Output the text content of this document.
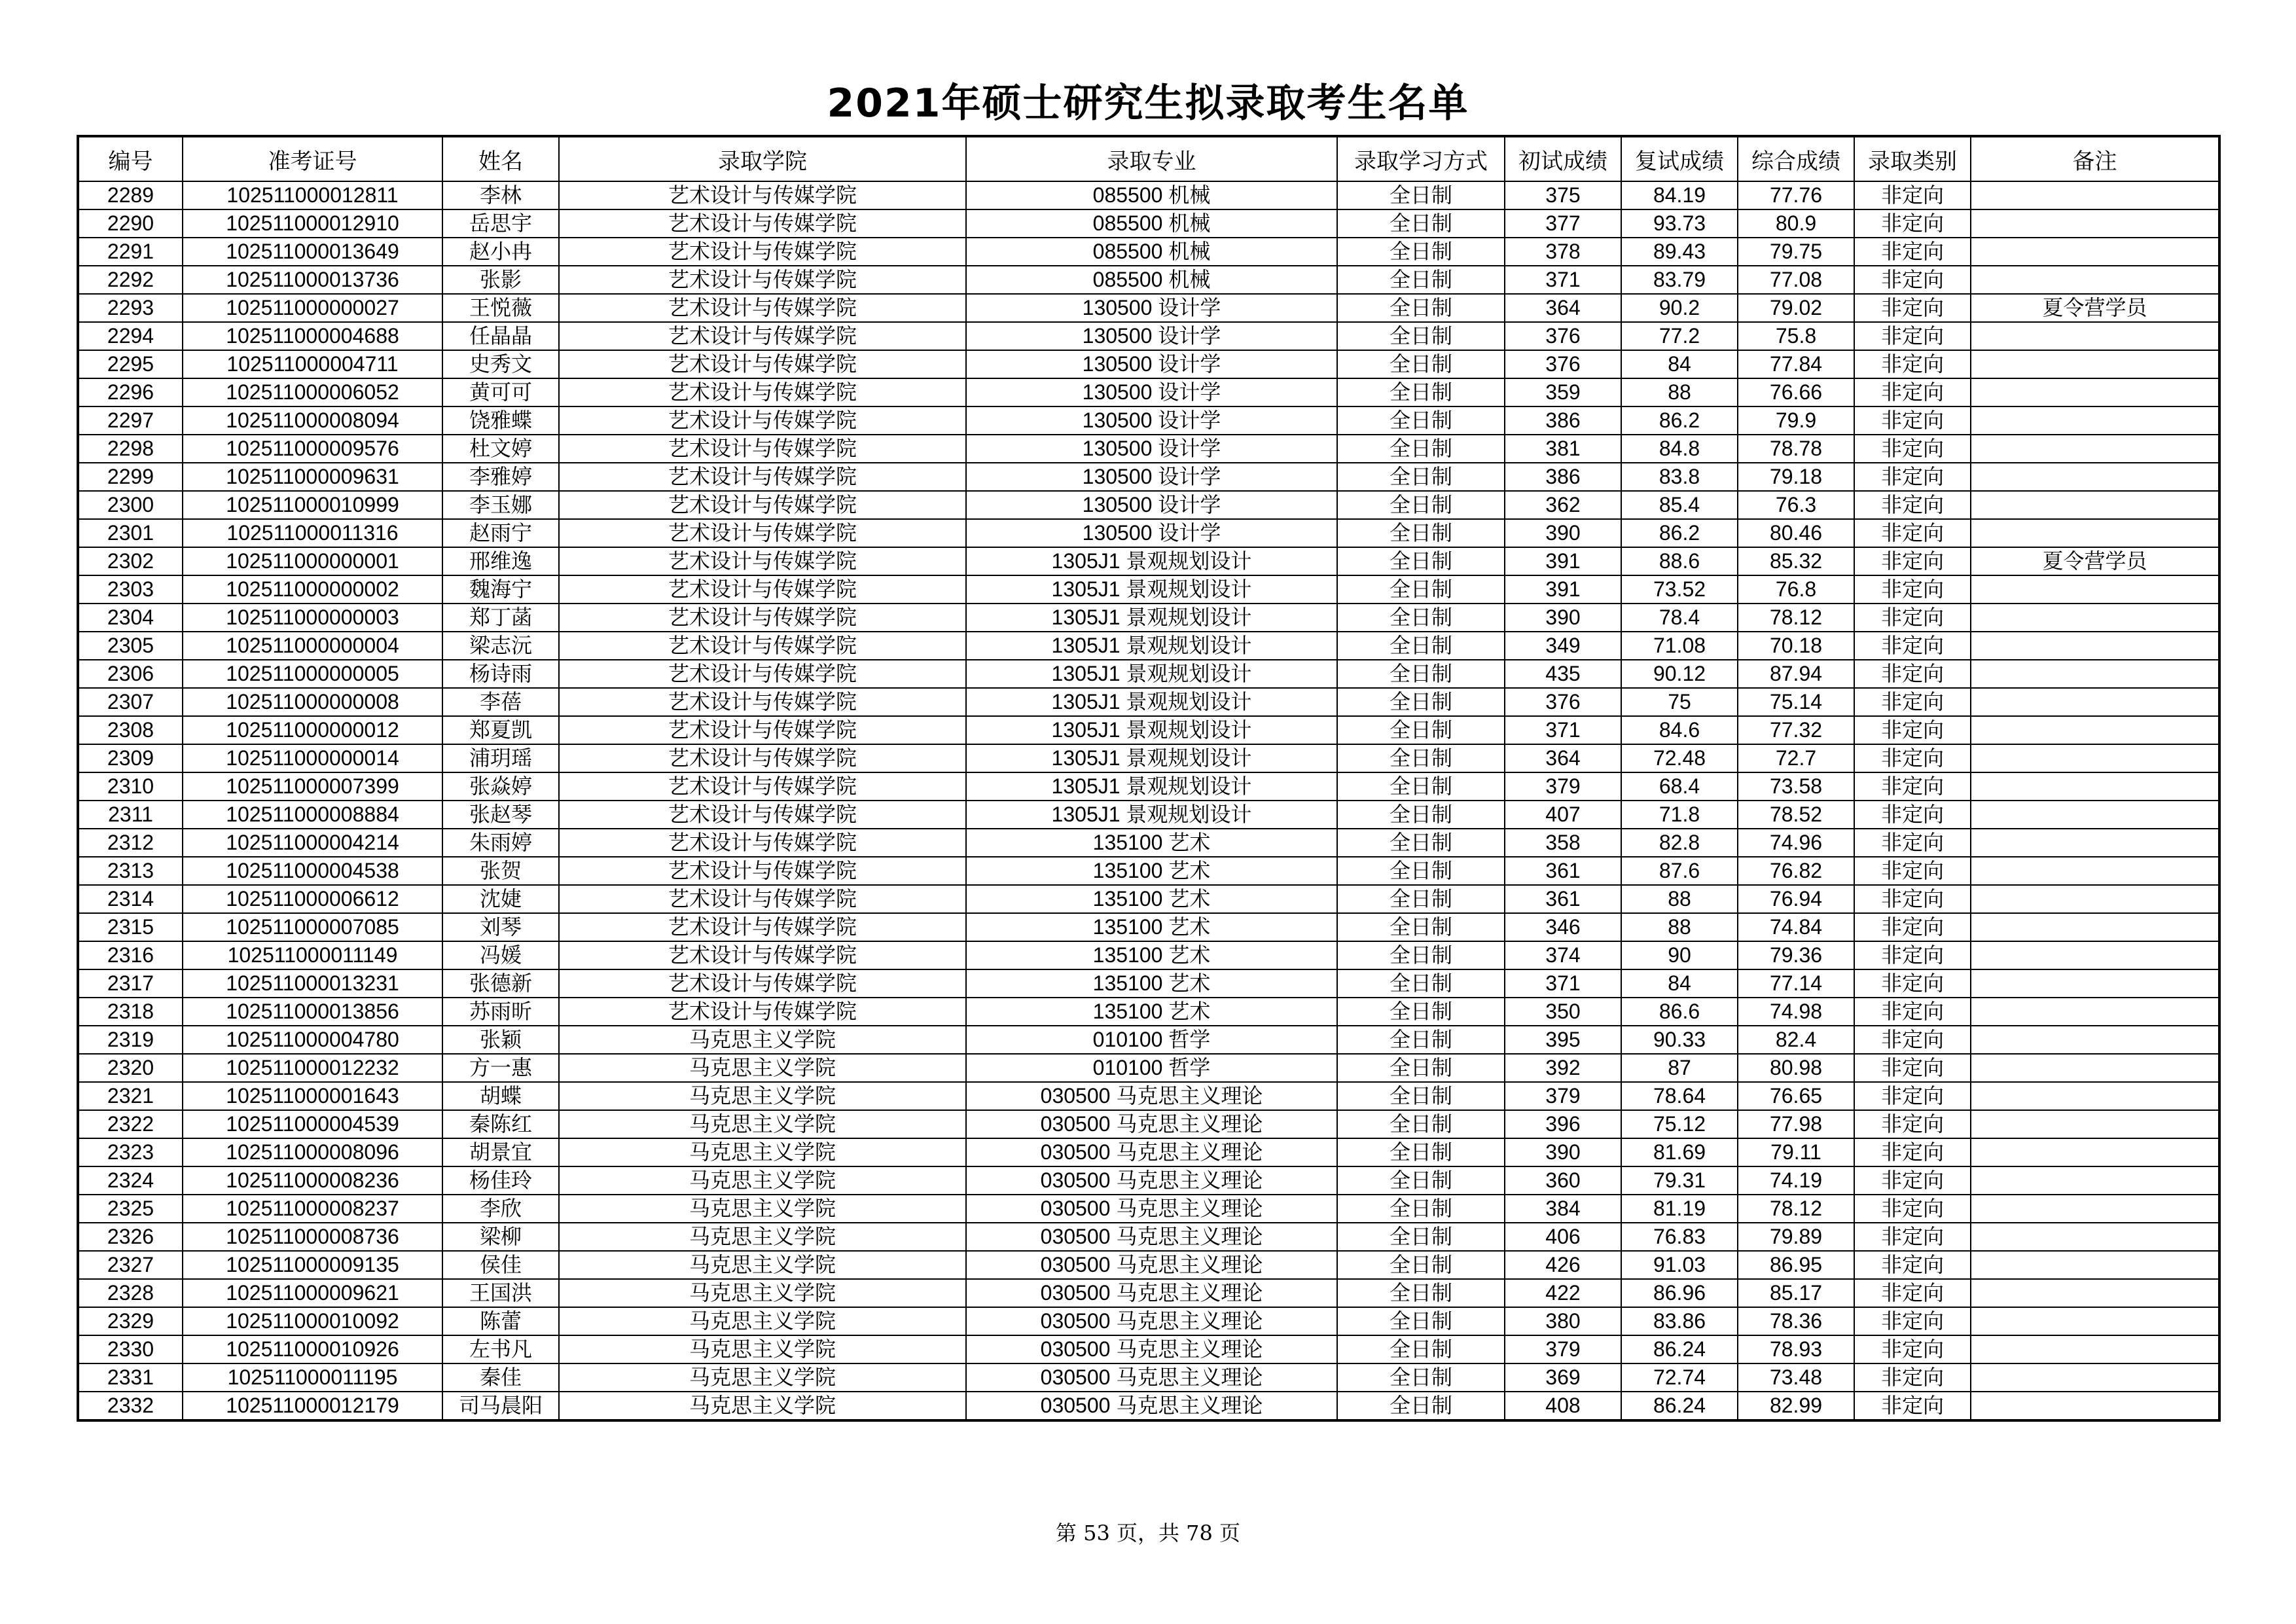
2021年硕士研究生拟录取考生名单
编号	准考证号	姓名	录取学院	录取专业	录取学习方式	初试成绩	复试成绩	综合成绩	录取类别	备注
2289	102511000012811	李林	艺术设计与传媒学院	085500 机械	全日制	375	84.19	77.76	非定向	
2290	102511000012910	岳思宇	艺术设计与传媒学院	085500 机械	全日制	377	93.73	80.9	非定向	
2291	102511000013649	赵小冉	艺术设计与传媒学院	085500 机械	全日制	378	89.43	79.75	非定向	
2292	102511000013736	张影	艺术设计与传媒学院	085500 机械	全日制	371	83.79	77.08	非定向	
2293	102511000000027	王悦薇	艺术设计与传媒学院	130500 设计学	全日制	364	90.2	79.02	非定向	夏令营学员
2294	102511000004688	任晶晶	艺术设计与传媒学院	130500 设计学	全日制	376	77.2	75.8	非定向	
2295	102511000004711	史秀文	艺术设计与传媒学院	130500 设计学	全日制	376	84	77.84	非定向	
2296	102511000006052	黄可可	艺术设计与传媒学院	130500 设计学	全日制	359	88	76.66	非定向	
2297	102511000008094	饶雅蝶	艺术设计与传媒学院	130500 设计学	全日制	386	86.2	79.9	非定向	
2298	102511000009576	杜文婷	艺术设计与传媒学院	130500 设计学	全日制	381	84.8	78.78	非定向	
2299	102511000009631	李雅婷	艺术设计与传媒学院	130500 设计学	全日制	386	83.8	79.18	非定向	
2300	102511000010999	李玉娜	艺术设计与传媒学院	130500 设计学	全日制	362	85.4	76.3	非定向	
2301	102511000011316	赵雨宁	艺术设计与传媒学院	130500 设计学	全日制	390	86.2	80.46	非定向	
2302	102511000000001	邢维逸	艺术设计与传媒学院	1305J1 景观规划设计	全日制	391	88.6	85.32	非定向	夏令营学员
2303	102511000000002	魏海宁	艺术设计与传媒学院	1305J1 景观规划设计	全日制	391	73.52	76.8	非定向	
2304	102511000000003	郑丁菡	艺术设计与传媒学院	1305J1 景观规划设计	全日制	390	78.4	78.12	非定向	
2305	102511000000004	梁志沅	艺术设计与传媒学院	1305J1 景观规划设计	全日制	349	71.08	70.18	非定向	
2306	102511000000005	杨诗雨	艺术设计与传媒学院	1305J1 景观规划设计	全日制	435	90.12	87.94	非定向	
2307	102511000000008	李蓓	艺术设计与传媒学院	1305J1 景观规划设计	全日制	376	75	75.14	非定向	
2308	102511000000012	郑夏凯	艺术设计与传媒学院	1305J1 景观规划设计	全日制	371	84.6	77.32	非定向	
2309	102511000000014	浦玥瑶	艺术设计与传媒学院	1305J1 景观规划设计	全日制	364	72.48	72.7	非定向	
2310	102511000007399	张焱婷	艺术设计与传媒学院	1305J1 景观规划设计	全日制	379	68.4	73.58	非定向	
2311	102511000008884	张赵琴	艺术设计与传媒学院	1305J1 景观规划设计	全日制	407	71.8	78.52	非定向	
2312	102511000004214	朱雨婷	艺术设计与传媒学院	135100 艺术	全日制	358	82.8	74.96	非定向	
2313	102511000004538	张贺	艺术设计与传媒学院	135100 艺术	全日制	361	87.6	76.82	非定向	
2314	102511000006612	沈婕	艺术设计与传媒学院	135100 艺术	全日制	361	88	76.94	非定向	
2315	102511000007085	刘琴	艺术设计与传媒学院	135100 艺术	全日制	346	88	74.84	非定向	
2316	102511000011149	冯媛	艺术设计与传媒学院	135100 艺术	全日制	374	90	79.36	非定向	
2317	102511000013231	张德新	艺术设计与传媒学院	135100 艺术	全日制	371	84	77.14	非定向	
2318	102511000013856	苏雨昕	艺术设计与传媒学院	135100 艺术	全日制	350	86.6	74.98	非定向	
2319	102511000004780	张颖	马克思主义学院	010100 哲学	全日制	395	90.33	82.4	非定向	
2320	102511000012232	方一惠	马克思主义学院	010100 哲学	全日制	392	87	80.98	非定向	
2321	102511000001643	胡蝶	马克思主义学院	030500 马克思主义理论	全日制	379	78.64	76.65	非定向	
2322	102511000004539	秦陈红	马克思主义学院	030500 马克思主义理论	全日制	396	75.12	77.98	非定向	
2323	102511000008096	胡景宜	马克思主义学院	030500 马克思主义理论	全日制	390	81.69	79.11	非定向	
2324	102511000008236	杨佳玲	马克思主义学院	030500 马克思主义理论	全日制	360	79.31	74.19	非定向	
2325	102511000008237	李欣	马克思主义学院	030500 马克思主义理论	全日制	384	81.19	78.12	非定向	
2326	102511000008736	梁柳	马克思主义学院	030500 马克思主义理论	全日制	406	76.83	79.89	非定向	
2327	102511000009135	侯佳	马克思主义学院	030500 马克思主义理论	全日制	426	91.03	86.95	非定向	
2328	102511000009621	王国洪	马克思主义学院	030500 马克思主义理论	全日制	422	86.96	85.17	非定向	
2329	102511000010092	陈蕾	马克思主义学院	030500 马克思主义理论	全日制	380	83.86	78.36	非定向	
2330	102511000010926	左书凡	马克思主义学院	030500 马克思主义理论	全日制	379	86.24	78.93	非定向	
2331	102511000011195	秦佳	马克思主义学院	030500 马克思主义理论	全日制	369	72.74	73.48	非定向	
2332	102511000012179	司马晨阳	马克思主义学院	030500 马克思主义理论	全日制	408	86.24	82.99	非定向	
第 53 页，共 78 页
